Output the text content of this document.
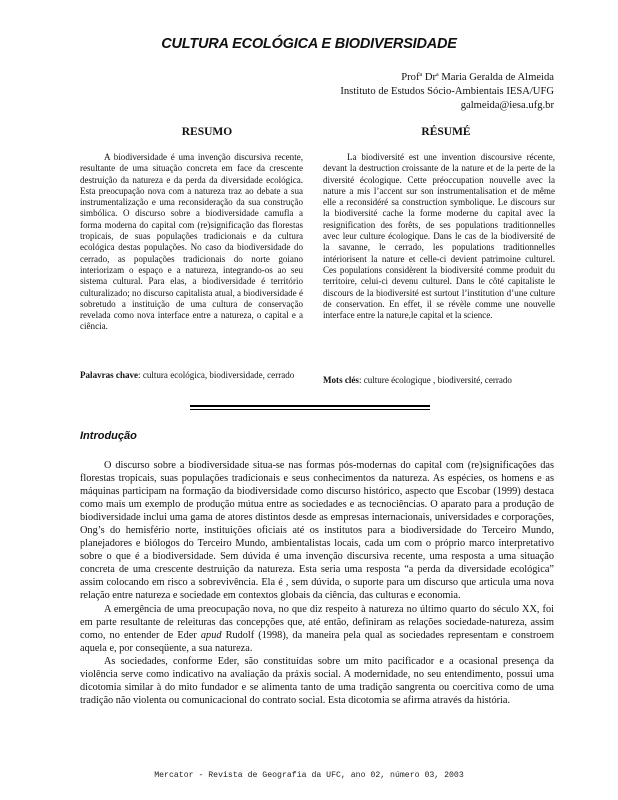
CULTURA ECOLÓGICA E BIODIVERSIDADE
Prof$^a$ Dr$^a$ Maria Geralda de Almeida
Instituto de Estudos Sócio-Ambientais IESA/UFG
galmeida@iesa.ufg.br
RESUMO	RÉSUMÉ

A biodiversidade é uma invenção discursiva recente, resultante de uma situação concreta em face da crescente destruição da natureza e da perda da diversidade ecológica. Esta preocupação nova com a natureza traz ao debate a sua instrumentalização e uma reconsideração da sua construção simbólica. O discurso sobre a biodiversidade camufla a forma moderna do capital com (re)significação das florestas tropicais, de suas populações tradicionais e da cultura ecológica destas populações. No caso da biodiversidade do cerrado, as populações tradicionais do norte goiano interiorizam o espaço e a natureza, integrando-os ao seu sistema cultural. Para elas, a biodiversidade é território culturalizado; no discurso capitalista atual, a biodiversidade é sobretudo a instituição de uma cultura de conservação revelada como nova interface entre a natureza, o capital e a ciência.

La biodiversité est une invention discoursive récente, devant la destruction croissante de la nature et de la perte de la diversité écologique. Cette préoccupation nouvelle avec la nature a mis l’accent sur son instrumentalisation et de même elle a reconsidéré sa construction symbolique. Le discours sur la biodiversité cache la forme moderne du capital avec la resignification des forêts, de ses populations traditionnelles avec leur culture écologique. Dans le cas de la biodiversité de la savanne, le cerrado, les populations traditionnelles intériorisent la nature et celle-ci devient patrimoine culturel. Ces populations considèrent la biodiversité comme produit du territoire, celui-ci devenu culturel. Dans le côté capitaliste le discours de la biodiversité est surtout l’institution d’une culture de conservation. En effet, il se révèle comme une nouvelle interface entre la nature,le capital et la science.

Palavras chave: cultura ecológica, biodiversidade, cerrado	Mots clés: culture écologique , biodiversité, cerrado
Introdução

O discurso sobre a biodiversidade situa-se nas formas pós-modernas do capital com (re)significações das florestas tropicais, suas populações tradicionais e seus conhecimentos da natureza. As espécies, os homens e as máquinas participam na formação da biodiversidade como discurso histórico, aspecto que Escobar (1999) destaca como mais um exemplo de produção mútua entre as sociedades e as tecnociências. O aparato para a produção de biodiversidade inclui uma gama de atores distintos desde as empresas internacionais, universidades e corporações, Ong’s do hemisfério norte, instituições oficiais até os institutos para a biodiversidade do Terceiro Mundo, planejadores e biólogos do Terceiro Mundo, ambientalistas locais, cada um com o próprio marco interpretativo sobre o que é a biodiversidade. Sem dúvida é uma invenção discursiva recente, uma resposta a uma situação concreta de uma crescente destruição da natureza. Esta seria uma resposta “a perda da diversidade ecológica” assim colocando em risco a sobrevivência. Ela é , sem dúvida, o suporte para um discurso que articula uma nova relação entre natureza e sociedade em contextos globais da ciência, das culturas e economia.

A emergência de uma preocupação nova, no que diz respeito à natureza no último quarto do século XX, foi em parte resultante de releituras das concepções que, até então, definiram as relações sociedade-natureza, assim como, no entender de Eder apud Rudolf (1998), da maneira pela qual as sociedades representam e constroem aquela e, por conseqüente, a sua natureza.

As sociedades, conforme Eder, são constituídas sobre um mito pacificador e a ocasional presença da violência serve como indicativo na avaliação da práxis social. A modernidade, no seu entendimento, possui uma dicotomia similar à do mito fundador e se alimenta tanto de uma tradição sangrenta ou coercitiva como de uma tradição não violenta ou comunicacional do contrato social. Esta dicotomia se afirma através da história.

Mercator - Revista de Geografia da UFC, ano 02, número 03, 2003
